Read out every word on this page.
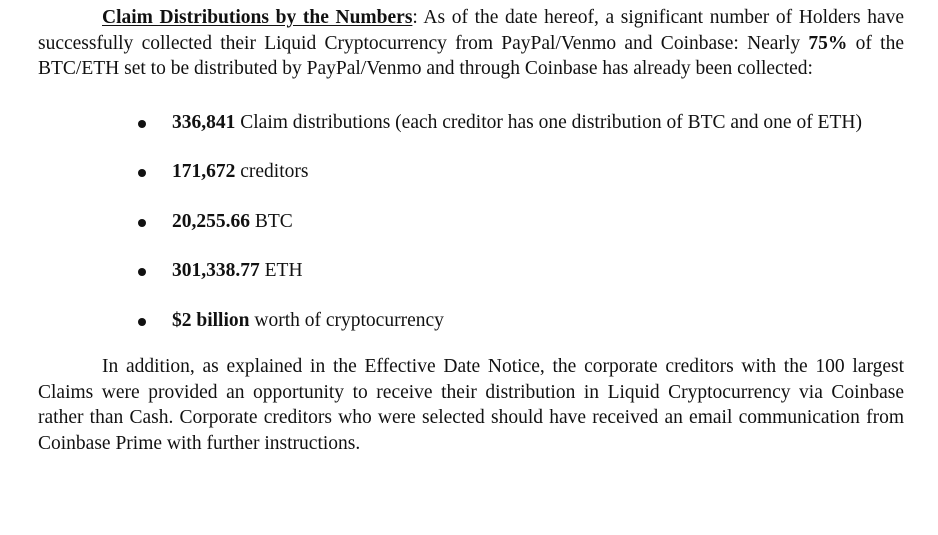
Claim Distributions by the Numbers: As of the date hereof, a significant number of Holders have successfully collected their Liquid Cryptocurrency from PayPal/Venmo and Coinbase: Nearly 75% of the BTC/ETH set to be distributed by PayPal/Venmo and through Coinbase has already been collected:

336,841 Claim distributions (each creditor has one distribution of BTC and one of ETH)
171,672 creditors
20,255.66 BTC
301,338.77 ETH
$2 billion worth of cryptocurrency

In addition, as explained in the Effective Date Notice, the corporate creditors with the 100 largest Claims were provided an opportunity to receive their distribution in Liquid Cryptocurrency via Coinbase rather than Cash. Corporate creditors who were selected should have received an email communication from Coinbase Prime with further instructions.
